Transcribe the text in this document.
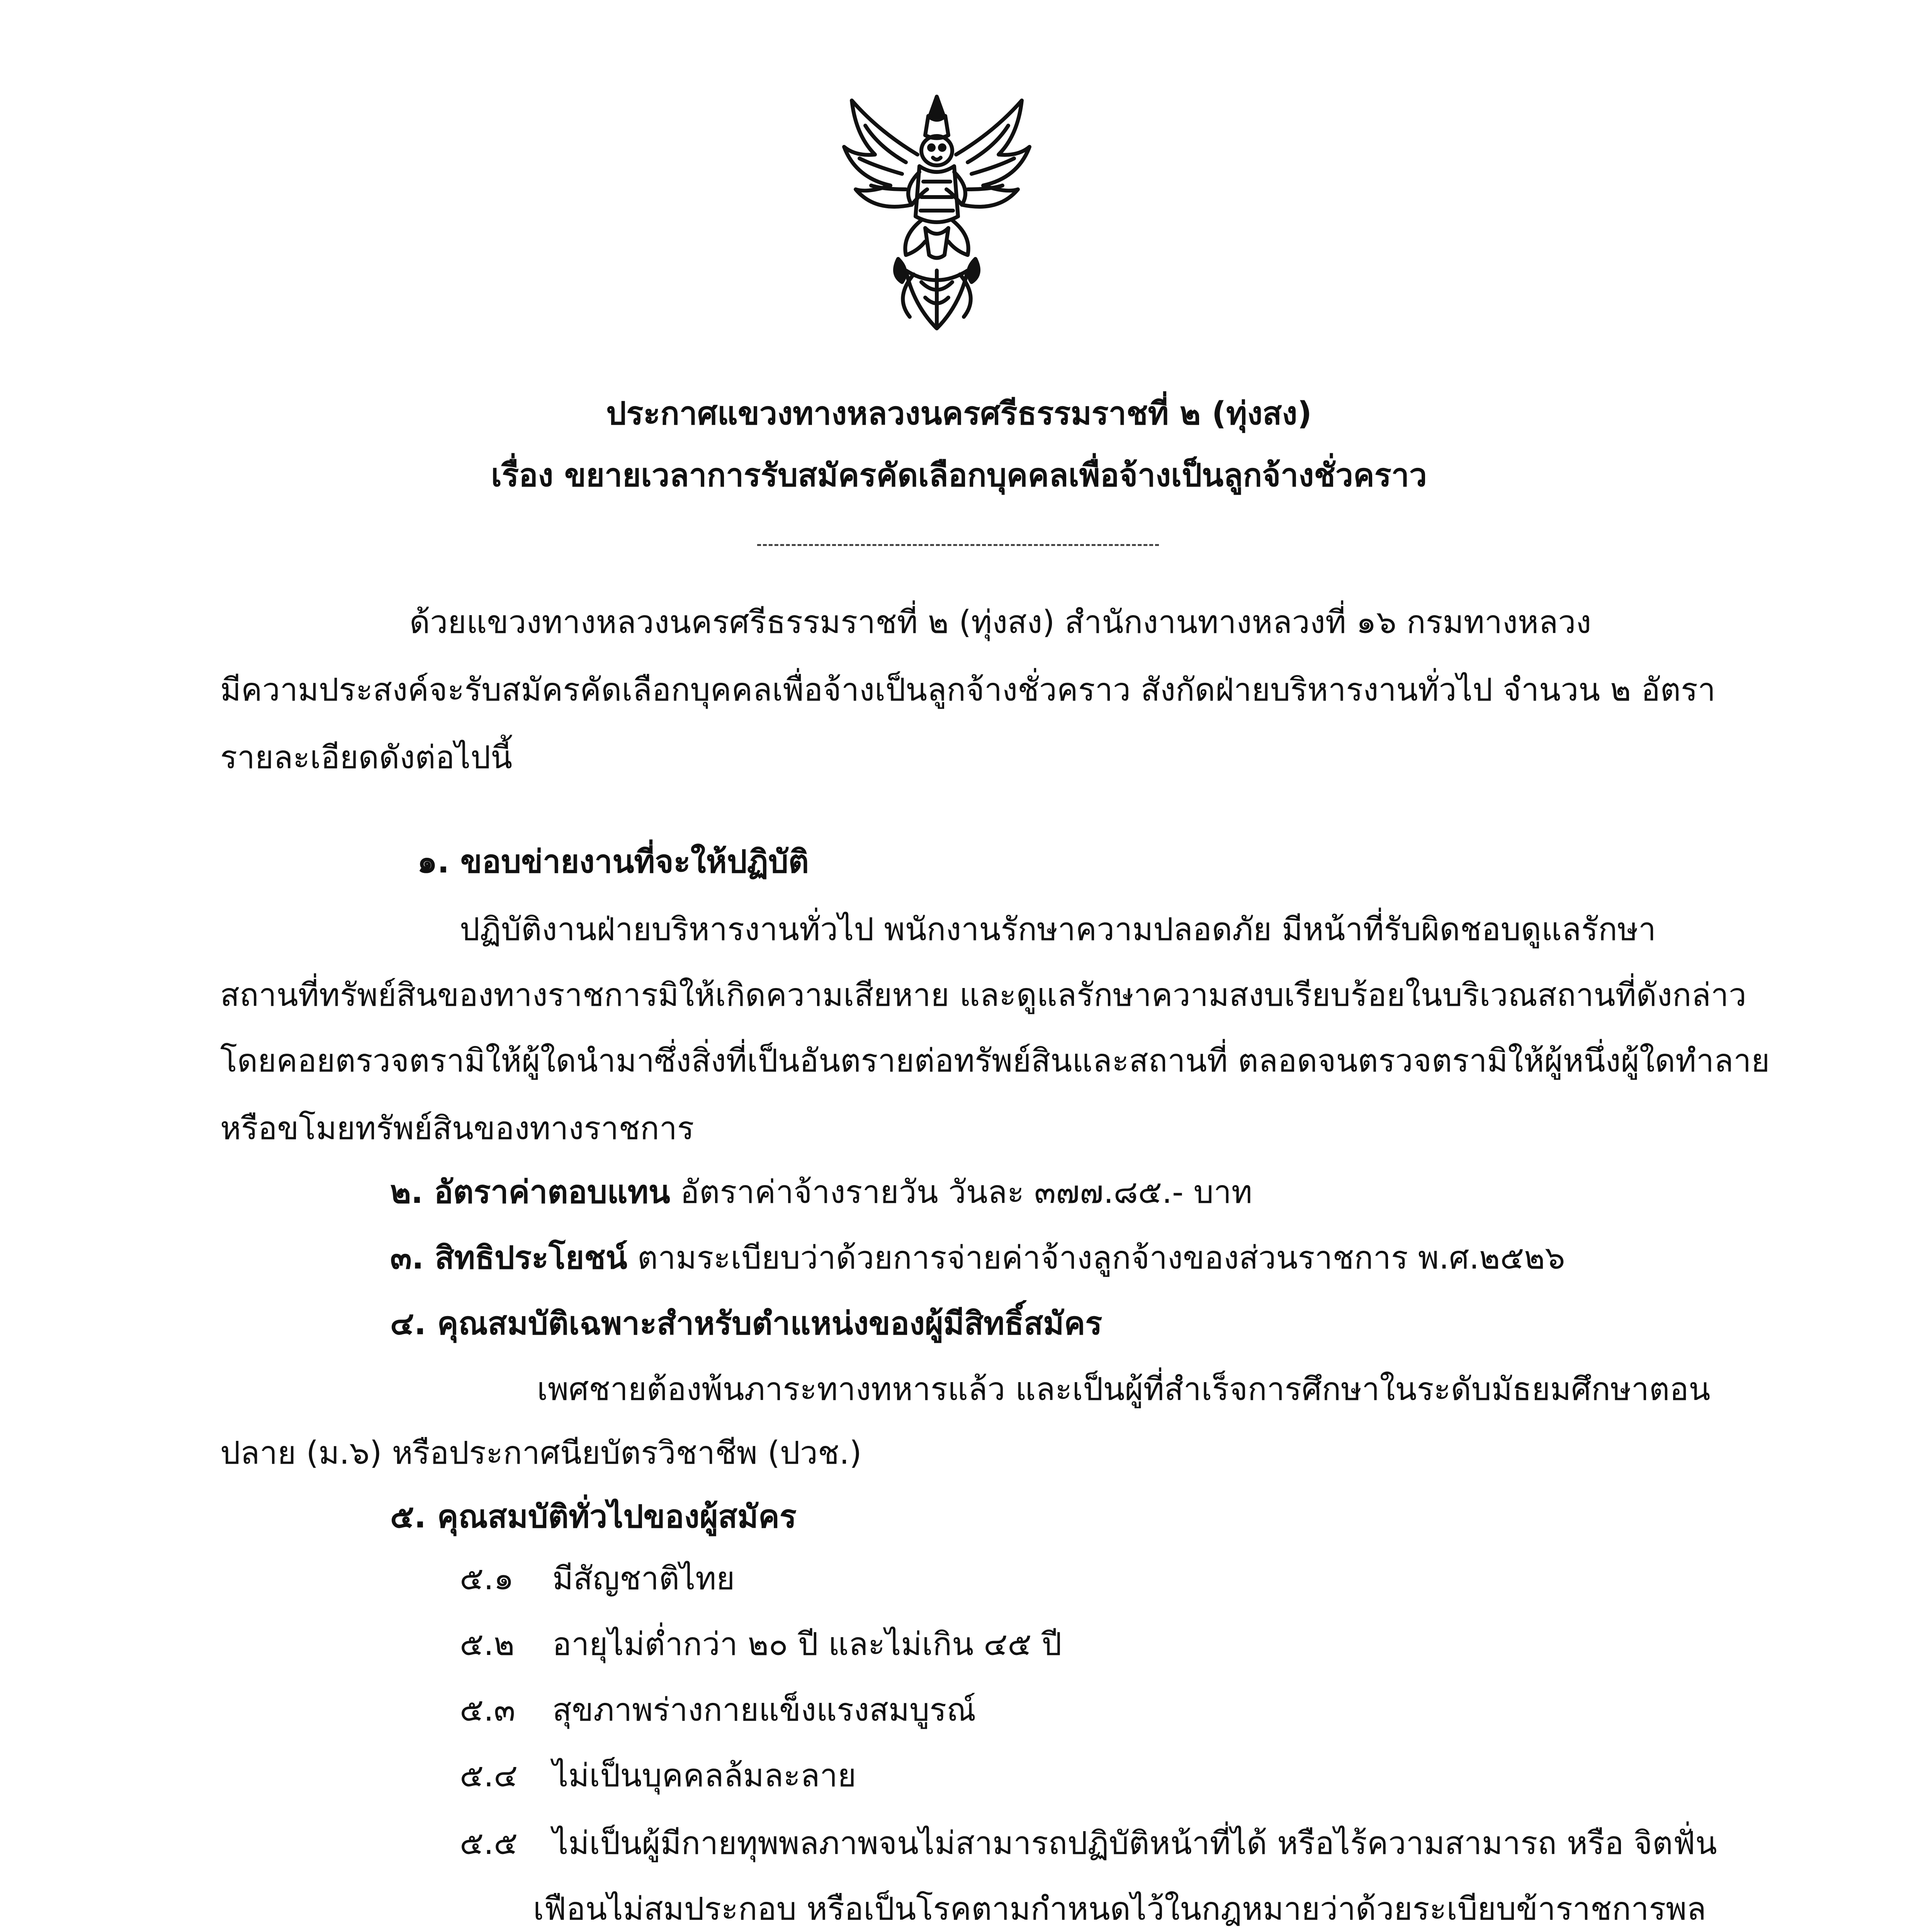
ประกาศแขวงทางหลวงนครศรีธรรมราชที่ ๒ (ทุ่งสง)
เรื่อง ขยายเวลาการรับสมัครคัดเลือกบุคคลเพื่อจ้างเป็นลูกจ้างชั่วคราว
ด้วยแขวงทางหลวงนครศรีธรรมราชที่ ๒ (ทุ่งสง) สำนักงานทางหลวงที่ ๑๖ กรมทางหลวง
มีความประสงค์จะรับสมัครคัดเลือกบุคคลเพื่อจ้างเป็นลูกจ้างชั่วคราว สังกัดฝ่ายบริหารงานทั่วไป จำนวน ๒ อัตรา
รายละเอียดดังต่อไปนี้
๑. ขอบข่ายงานที่จะให้ปฏิบัติ
ปฏิบัติงานฝ่ายบริหารงานทั่วไป พนักงานรักษาความปลอดภัย มีหน้าที่รับผิดชอบดูแลรักษา
สถานที่ทรัพย์สินของทางราชการมิให้เกิดความเสียหาย และดูแลรักษาความสงบเรียบร้อยในบริเวณสถานที่ดังกล่าว
โดยคอยตรวจตรามิให้ผู้ใดนำมาซึ่งสิ่งที่เป็นอันตรายต่อทรัพย์สินและสถานที่ ตลอดจนตรวจตรามิให้ผู้หนึ่งผู้ใดทำลาย
หรือขโมยทรัพย์สินของทางราชการ
๒. อัตราค่าตอบแทน อัตราค่าจ้างรายวัน วันละ ๓๗๗.๘๕.- บาท
๓. สิทธิประโยชน์ ตามระเบียบว่าด้วยการจ่ายค่าจ้างลูกจ้างของส่วนราชการ พ.ศ.๒๕๒๖
๔. คุณสมบัติเฉพาะสำหรับตำแหน่งของผู้มีสิทธิ์สมัคร
เพศชายต้องพ้นภาระทางทหารแล้ว และเป็นผู้ที่สำเร็จการศึกษาในระดับมัธยมศึกษาตอน
ปลาย (ม.๖) หรือประกาศนียบัตรวิชาชีพ (ปวช.)
๕. คุณสมบัติทั่วไปของผู้สมัคร
๕.๑ มีสัญชาติไทย
๕.๒ อายุไม่ต่ำกว่า ๒๐ ปี และไม่เกิน ๔๕ ปี
๕.๓ สุขภาพร่างกายแข็งแรงสมบูรณ์
๕.๔ ไม่เป็นบุคคลล้มละลาย
๕.๕ ไม่เป็นผู้มีกายทุพพลภาพจนไม่สามารถปฏิบัติหน้าที่ได้ หรือไร้ความสามารถ หรือ จิตฟั่น
เฟือนไม่สมประกอบ หรือเป็นโรคตามกำหนดไว้ในกฎหมายว่าด้วยระเบียบข้าราชการพล
